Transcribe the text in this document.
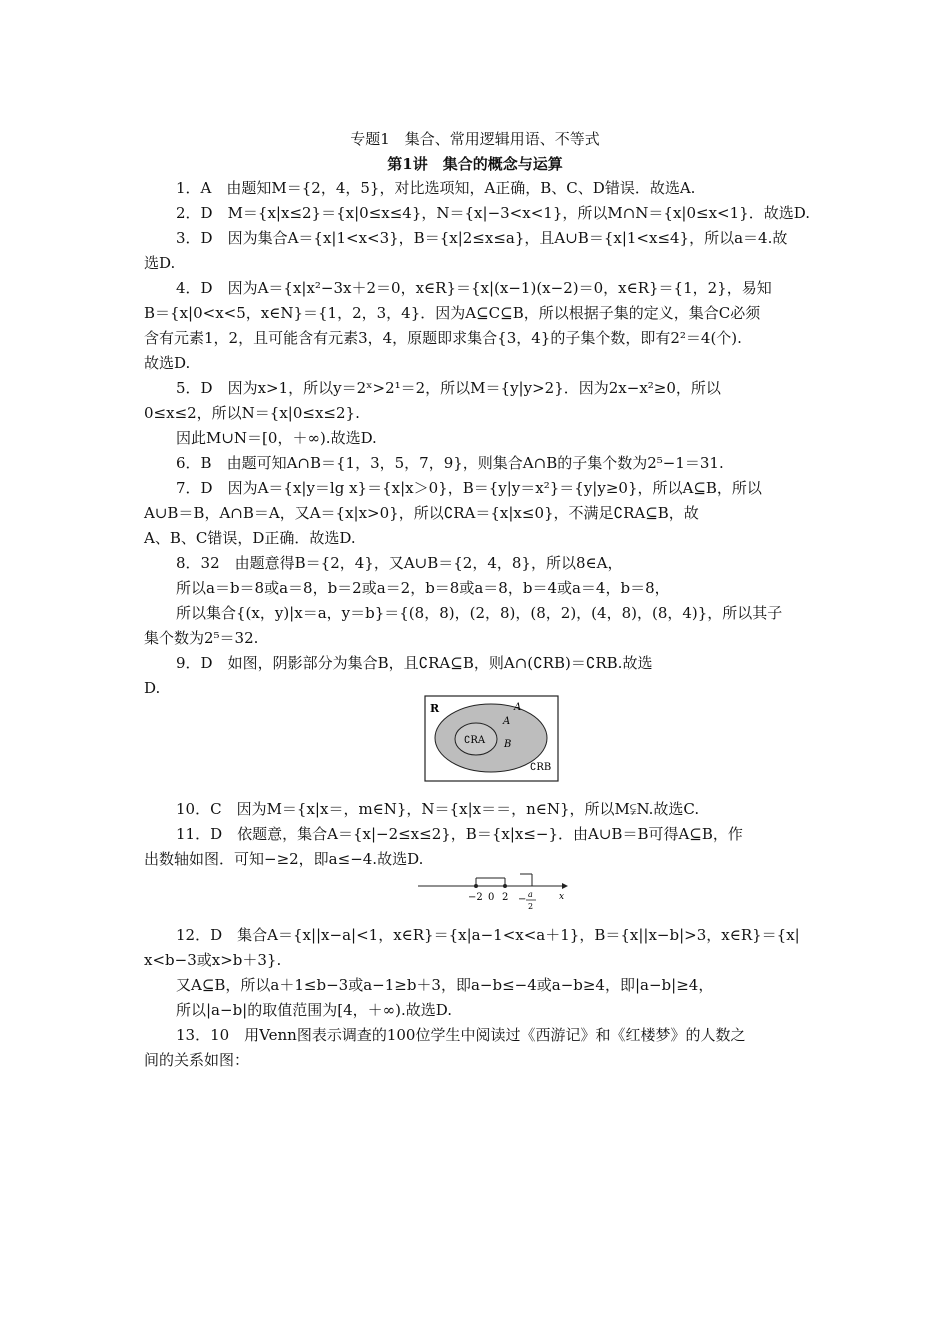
专题1　集合、常用逻辑用语、不等式
第1讲　集合的概念与运算
1．A　由题知M＝{2，4，5}，对比选项知，A正确，B、C、D错误．故选A.
2．D　M＝{x|x≤2}＝{x|0≤x≤4}，N＝{x|−3<x<1}，所以M∩N＝{x|0≤x<1}．故选D.
3．D　因为集合A＝{x|1<x<3}，B＝{x|2≤x≤a}，且A∪B＝{x|1<x≤4}，所以a＝4.故
选D.
4．D　因为A＝{x|x²−3x＋2＝0，x∈R}＝{x|(x−1)(x−2)＝0，x∈R}＝{1，2}，易知
B＝{x|0<x<5，x∈N}＝{1，2，3，4}．因为A⊆C⊆B，所以根据子集的定义，集合C必须
含有元素1，2，且可能含有元素3，4，原题即求集合{3，4}的子集个数，即有2²＝4(个).
故选D.
5．D　因为x>1，所以y＝2ˣ>2¹＝2，所以M＝{y|y>2}．因为2x−x²≥0，所以
0≤x≤2，所以N＝{x|0≤x≤2}.
因此M∪N＝[0，＋∞).故选D.
6．B　由题可知A∩B＝{1，3，5，7，9}，则集合A∩B的子集个数为2⁵−1＝31.
7．D　因为A＝{x|y＝lg x}＝{x|x＞0}，B＝{y|y＝x²}＝{y|y≥0}，所以A⊆B，所以
A∪B＝B，A∩B＝A，又A＝{x|x>0}，所以∁RA＝{x|x≤0}，不满足∁RA⊆B，故
A、B、C错误，D正确．故选D.
8．32　由题意得B＝{2，4}，又A∪B＝{2，4，8}，所以8∈A，
所以a＝b＝8或a＝8，b＝2或a＝2，b＝8或a＝8，b＝4或a＝4，b＝8，
所以集合{(x，y)|x＝a，y＝b}＝{(8，8)，(2，8)，(8，2)，(4，8)，(8，4)}，所以其子
集个数为2⁵＝32.
9．D　如图，阴影部分为集合B，且∁RA⊆B，则A∩(∁RB)＝∁RB.故选
D.
R	A
A
B
∁RA
∁RB
10．C　因为M＝{x|x＝，m∈N}，N＝{x|x＝＝，n∈N}，所以M⫋N.故选C.
11．D　依题意，集合A＝{x|−2≤x≤2}，B＝{x|x≤−}．由A∪B＝B可得A⊆B，作
出数轴如图．可知−≥2，即a≤−4.故选D.
−2 0 2 − a
2
x
12．D　集合A＝{x||x−a|<1，x∈R}＝{x|a−1<x<a＋1}，B＝{x||x−b|>3，x∈R}＝{x|
x<b−3或x>b＋3}.
又A⊆B，所以a＋1≤b−3或a−1≥b＋3，即a−b≤−4或a−b≥4，即|a−b|≥4，
所以|a−b|的取值范围为[4，＋∞).故选D.
13．10　用Venn图表示调查的100位学生中阅读过《西游记》和《红楼梦》的人数之
间的关系如图：
